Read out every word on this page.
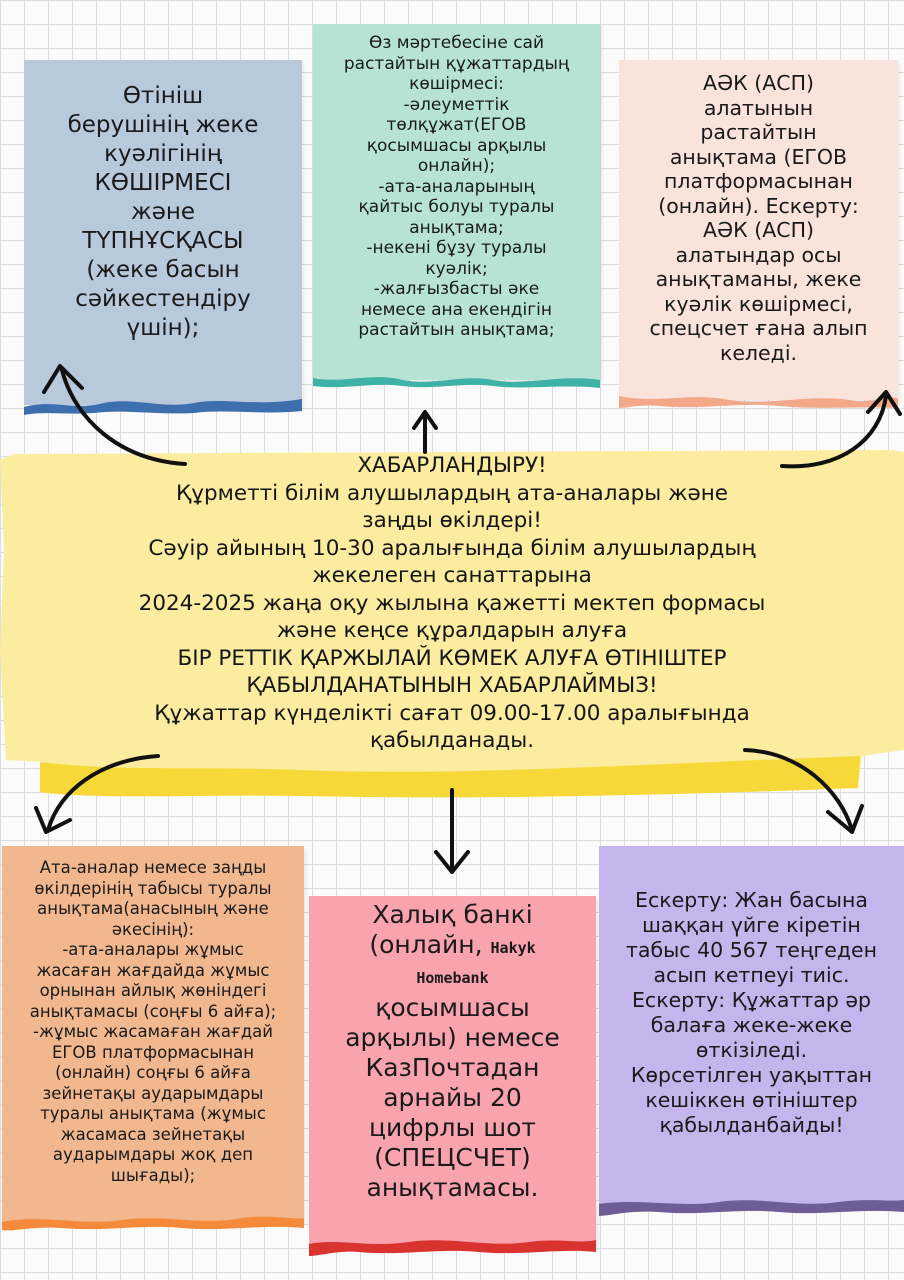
Өтініш
берушінің жеке
куәлігінің
КӨШІРМЕСІ
және
ТҮПНҰСҚАСЫ
(жеке басын
сәйкестендіру
үшін);
Өз мәртебесіне сай
растайтын құжаттардың
көшірмесі:
-әлеуметтік
төлқұжат(ЕГОВ
қосымшасы арқылы
онлайн);
-ата-аналарының
қайтыс болуы туралы
анықтама;
-некені бұзу туралы
куәлік;
-жалғызбасты әке
немесе ана екендігін
растайтын анықтама;
АӘК (АСП)
алатынын
растайтын
анықтама (ЕГОВ
платформасынан
(онлайн). Ескерту:
АӘК (АСП)
алатындар осы
анықтаманы, жеке
куәлік көшірмесі,
спецсчет ғана алып
келеді.
ХАБАРЛАНДЫРУ!
Құрметті білім алушылардың ата-аналары және
заңды өкілдері!
Сәуір айының 10-30 аралығында білім алушылардың
жекелеген санаттарына
2024-2025 жаңа оқу жылына қажетті мектеп формасы
және кеңсе құралдарын алуға
БІР РЕТТІК ҚАРЖЫЛАЙ КӨМЕК АЛУҒА ӨТІНІШТЕР
ҚАБЫЛДАНАТЫНЫН ХАБАРЛАЙМЫЗ!
Құжаттар күнделікті сағат 09.00-17.00 аралығында
қабылданады.
Ата-аналар немесе заңды
өкілдерінің табысы туралы
анықтама(анасының және
әкесінің):
-ата-аналары жұмыс
жасаған жағдайда жұмыс
орнынан айлық жөніндегі
анықтамасы (соңғы 6 айға);
-жұмыс жасамаған жағдай
ЕГОВ платформасынан
(онлайн) соңғы 6 айға
зейнетақы аударымдары
туралы анықтама (жұмыс
жасамаса зейнетақы
аударымдары жоқ деп
шығады);
Халық банкі
(онлайн, Hakyk
Homebank
қосымшасы
арқылы) немесе
КазПочтадан
арнайы 20
цифрлы шот
(СПЕЦСЧЕТ)
анықтамасы.
Ескерту: Жан басына
шаққан үйге кіретін
табыс 40 567 теңгеден
асып кетпеуі тиіс.
Ескерту: Құжаттар әр
балаға жеке-жеке
өткізіледі.
Көрсетілген уақыттан
кешіккен өтініштер
қабылданбайды!
